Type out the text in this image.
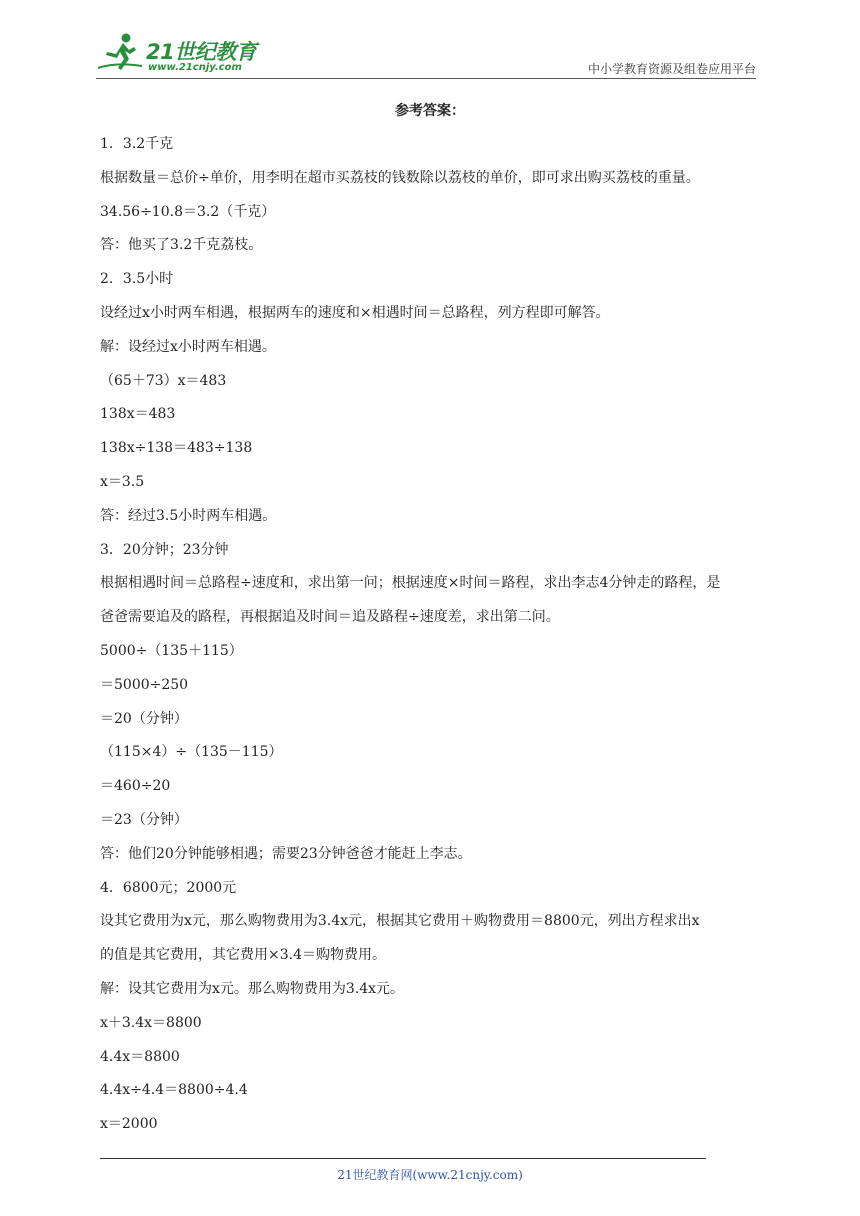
21世纪教育
www.21cnjy.com	中小学教育资源及组卷应用平台
参考答案：
1．3.2千克
根据数量＝总价÷单价，用李明在超市买荔枝的钱数除以荔枝的单价，即可求出购买荔枝的重量。
34.56÷10.8＝3.2（千克）
答：他买了3.2千克荔枝。
2．3.5小时
设经过x小时两车相遇，根据两车的速度和×相遇时间＝总路程，列方程即可解答。
解：设经过x小时两车相遇。
（65＋73）x＝483
138x＝483
138x÷138＝483÷138
x＝3.5
答：经过3.5小时两车相遇。
3．20分钟；23分钟
根据相遇时间＝总路程÷速度和，求出第一问；根据速度×时间＝路程，求出李志4分钟走的路程，是
爸爸需要追及的路程，再根据追及时间＝追及路程÷速度差，求出第二问。
5000÷（135＋115）
＝5000÷250
＝20（分钟）
（115×4）÷（135－115）
＝460÷20
＝23（分钟）
答：他们20分钟能够相遇；需要23分钟爸爸才能赶上李志。
4．6800元；2000元
设其它费用为x元，那么购物费用为3.4x元，根据其它费用＋购物费用＝8800元，列出方程求出x
的值是其它费用，其它费用×3.4＝购物费用。
解：设其它费用为x元。那么购物费用为3.4x元。
x＋3.4x＝8800
4.4x＝8800
4.4x÷4.4＝8800÷4.4
x＝2000
21世纪教育网(www.21cnjy.com)
